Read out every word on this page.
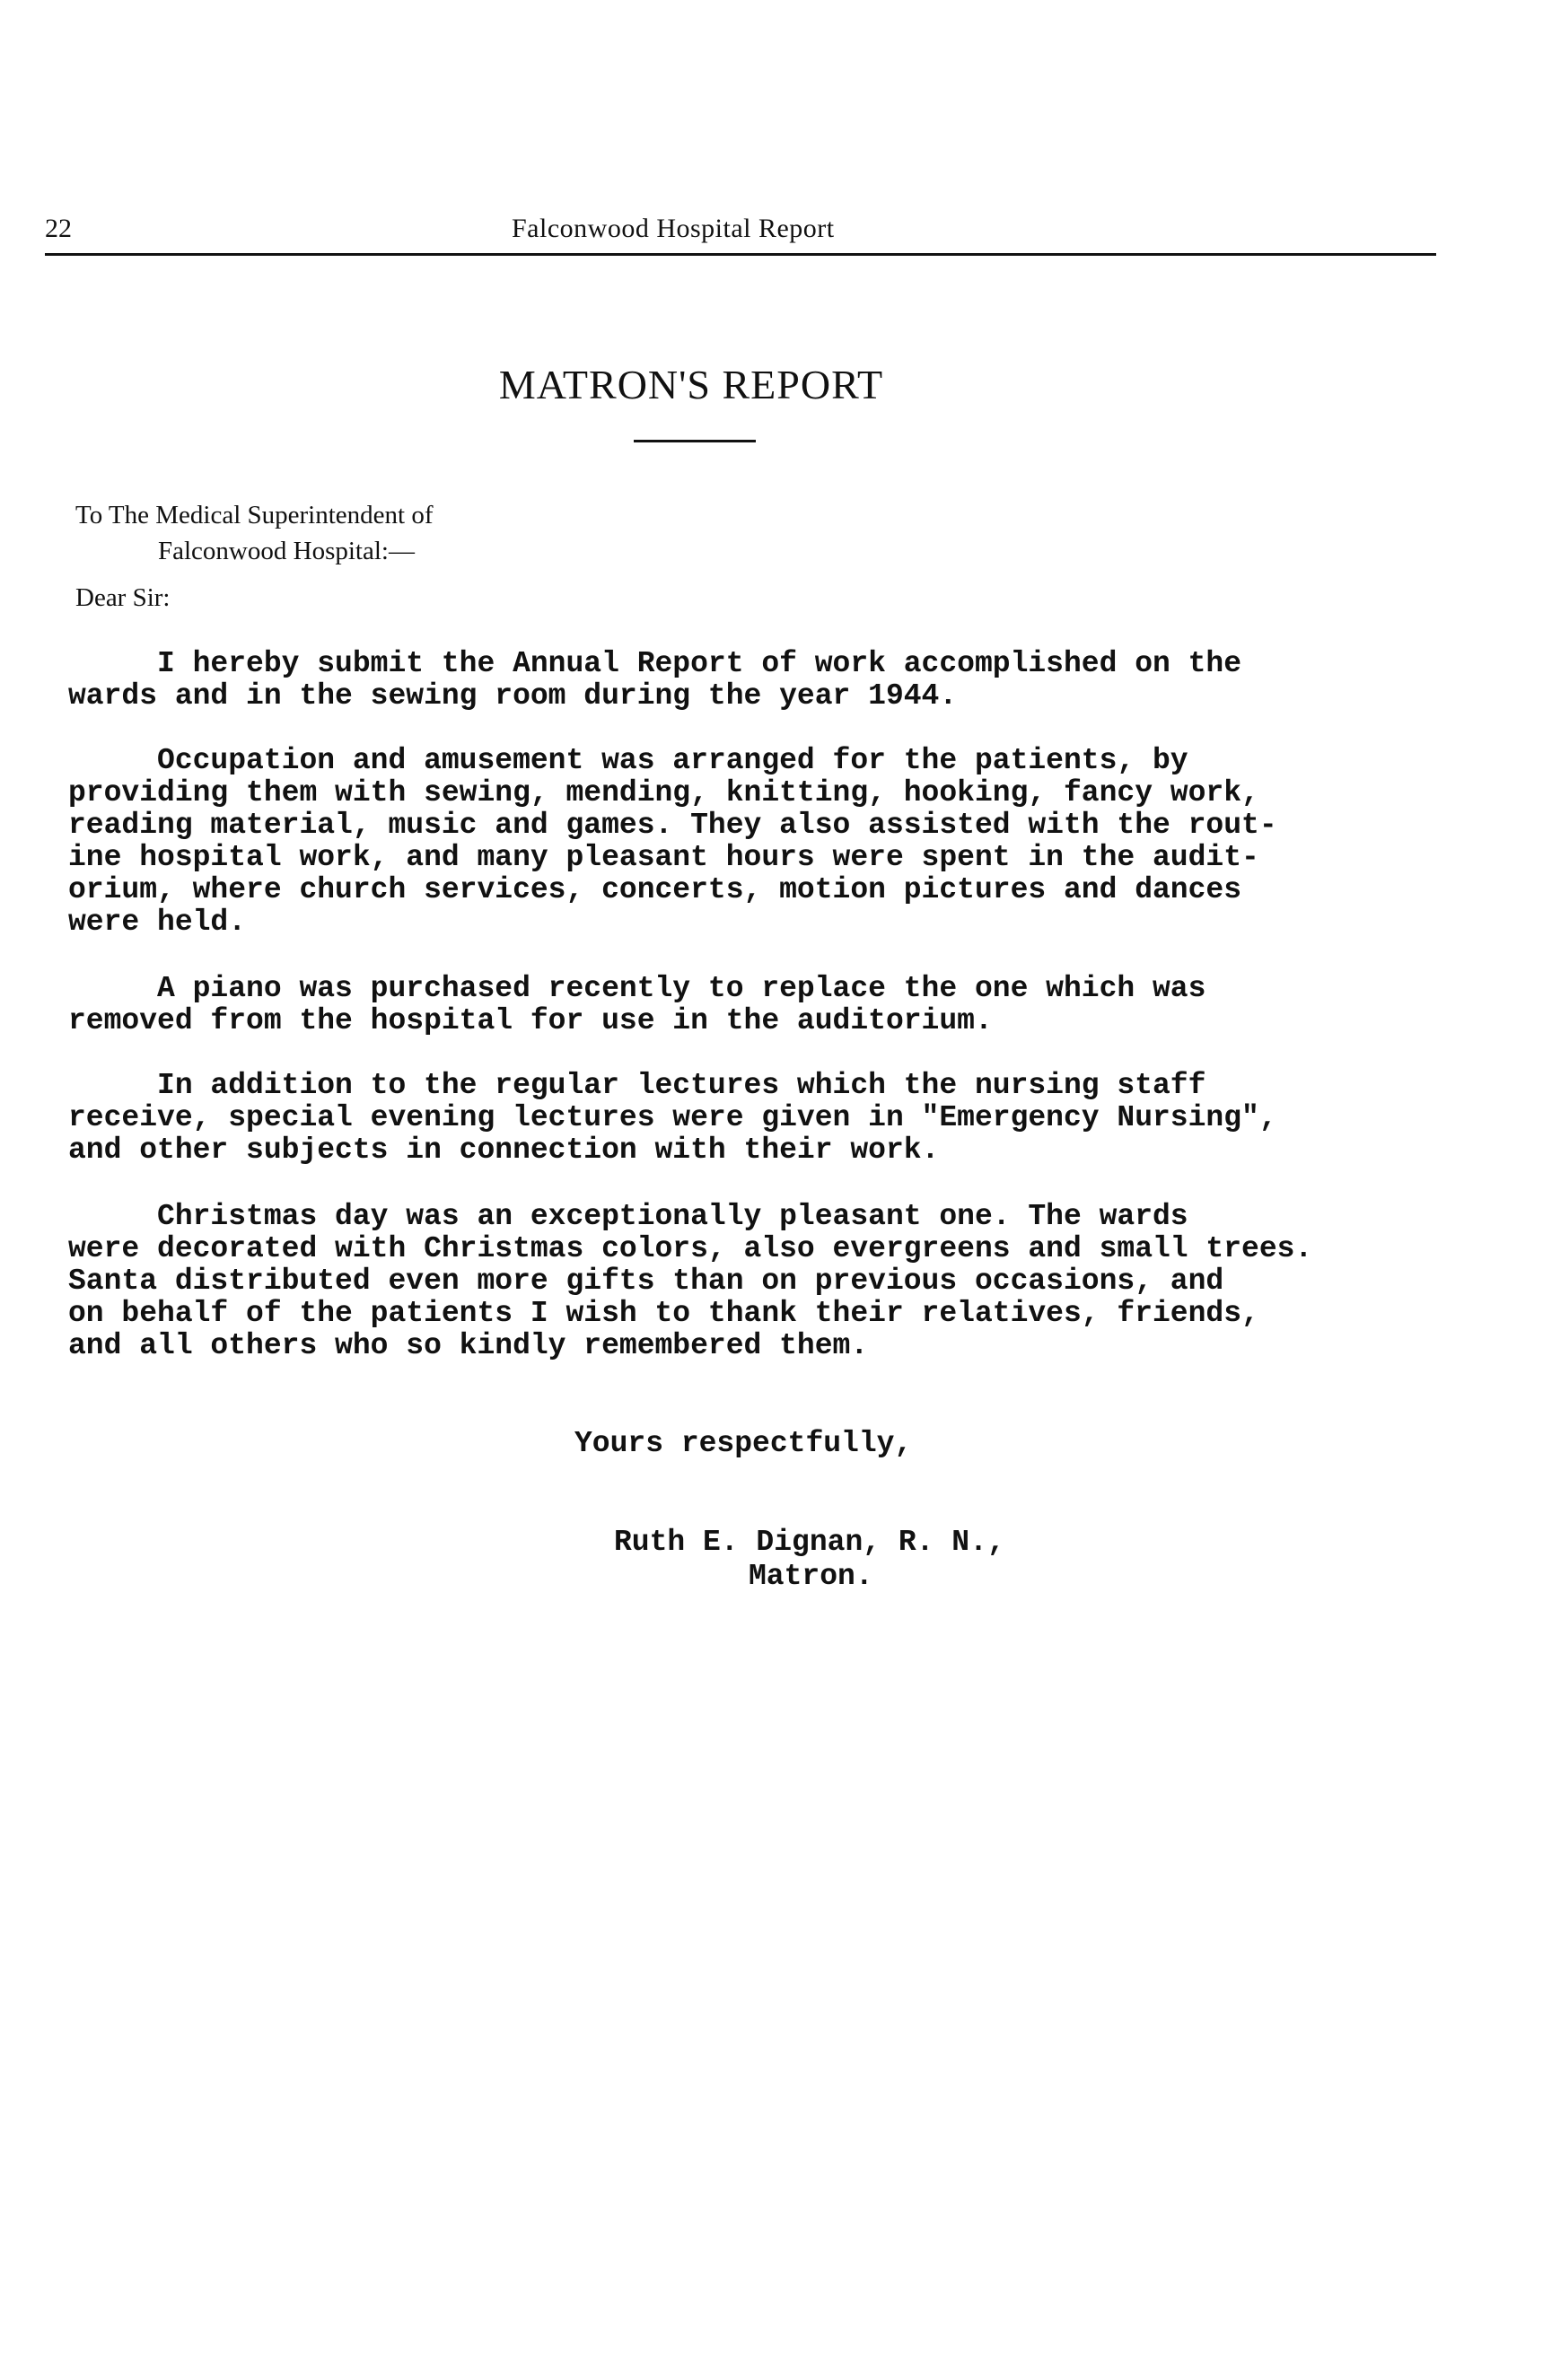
22	Falconwood Hospital Report
MATRON'S REPORT
To The Medical Superintendent of
Falconwood Hospital:—
Dear Sir:
I hereby submit the Annual Report of work accomplished on the
wards and in the sewing room during the year 1944.
Occupation and amusement was arranged for the patients, by
providing them with sewing, mending, knitting, hooking, fancy work,
reading material, music and games. They also assisted with the rout-
ine hospital work, and many pleasant hours were spent in the audit-
orium, where church services, concerts, motion pictures and dances
were held.
A piano was purchased recently to replace the one which was
removed from the hospital for use in the auditorium.
In addition to the regular lectures which the nursing staff
receive, special evening lectures were given in "Emergency Nursing",
and other subjects in connection with their work.
Christmas day was an exceptionally pleasant one. The wards
were decorated with Christmas colors, also evergreens and small trees.
Santa distributed even more gifts than on previous occasions, and
on behalf of the patients I wish to thank their relatives, friends,
and all others who so kindly remembered them.
Yours respectfully,
Ruth E. Dignan, R. N.,
Matron.
